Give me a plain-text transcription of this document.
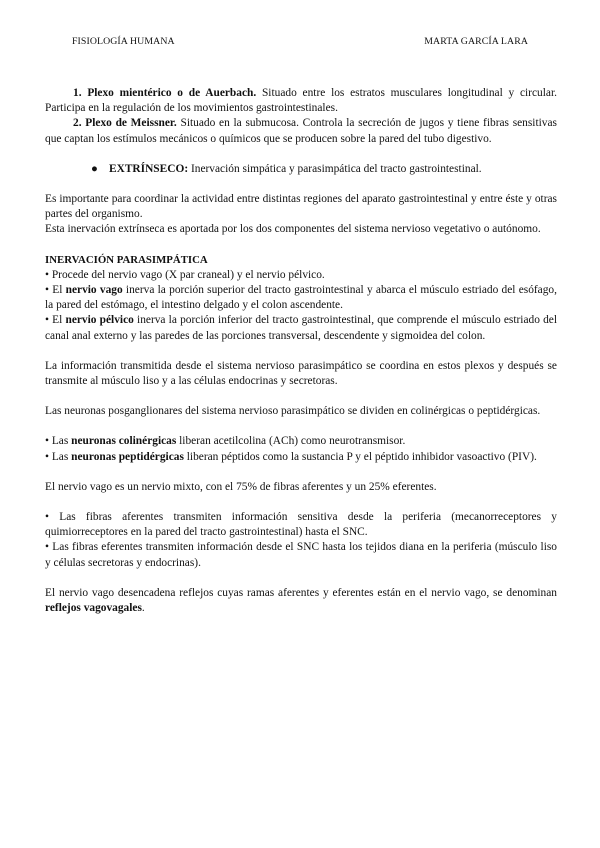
FISIOLOGÍA HUMANA	MARTA GARCÍA LARA

1. Plexo mientérico o de Auerbach. Situado entre los estratos musculares longitudinal y circular. Participa en la regulación de los movimientos gastrointestinales.

2. Plexo de Meissner. Situado en la submucosa. Controla la secreción de jugos y tiene fibras sensitivas que captan los estímulos mecánicos o químicos que se producen sobre la pared del tubo digestivo.

● EXTRÍNSECO: Inervación simpática y parasimpática del tracto gastrointestinal.

Es importante para coordinar la actividad entre distintas regiones del aparato gastrointestinal y entre éste y otras partes del organismo.

Esta inervación extrínseca es aportada por los dos componentes del sistema nervioso vegetativo o autónomo.

INERVACIÓN PARASIMPÁTICA

• Procede del nervio vago (X par craneal) y el nervio pélvico.

• El nervio vago inerva la porción superior del tracto gastrointestinal y abarca el músculo estriado del esófago, la pared del estómago, el intestino delgado y el colon ascendente.

• El nervio pélvico inerva la porción inferior del tracto gastrointestinal, que comprende el músculo estriado del canal anal externo y las paredes de las porciones transversal, descendente y sigmoidea del colon.

La información transmitida desde el sistema nervioso parasimpático se coordina en estos plexos y después se transmite al músculo liso y a las células endocrinas y secretoras.

Las neuronas posganglionares del sistema nervioso parasimpático se dividen en colinérgicas o peptidérgicas.

• Las neuronas colinérgicas liberan acetilcolina (ACh) como neurotransmisor.

• Las neuronas peptidérgicas liberan péptidos como la sustancia P y el péptido inhibidor vasoactivo (PIV).

El nervio vago es un nervio mixto, con el 75% de fibras aferentes y un 25% eferentes.

• Las fibras aferentes transmiten información sensitiva desde la periferia (mecanorreceptores y quimiorreceptores en la pared del tracto gastrointestinal) hasta el SNC.

• Las fibras eferentes transmiten información desde el SNC hasta los tejidos diana en la periferia (músculo liso y células secretoras y endocrinas).

El nervio vago desencadena reflejos cuyas ramas aferentes y eferentes están en el nervio vago, se denominan reflejos vagovagales.
